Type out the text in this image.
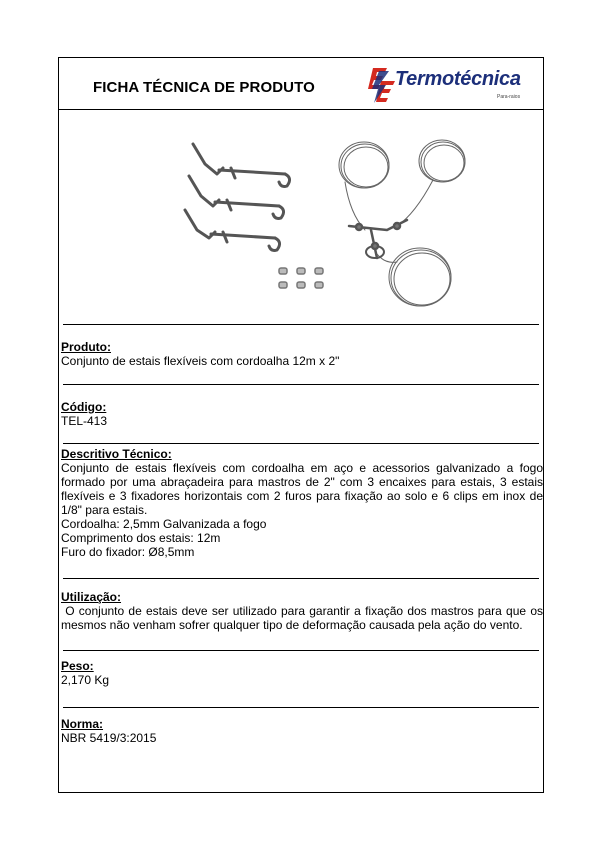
FICHA TÉCNICA DE PRODUTO	Termotécnica
Para-raios
Produto:
Conjunto de estais flexíveis com cordoalha 12m x 2"
Código:
TEL-413
Descritivo Técnico:
Conjunto de estais flexíveis com cordoalha em aço e acessorios galvanizado a fogo formado por uma abraçadeira para mastros de 2" com 3 encaixes para estais, 3 estais flexíveis e 3 fixadores horizontais com 2 furos para fixação ao solo e 6 clips em inox de 1/8" para estais.
Cordoalha: 2,5mm Galvanizada a fogo
Comprimento dos estais: 12m
Furo do fixador: Ø8,5mm
Utilização:
O conjunto de estais deve ser utilizado para garantir a fixação dos mastros para que os mesmos não venham sofrer qualquer tipo de deformação causada pela ação do vento.
Peso:
2,170 Kg
Norma:
NBR 5419/3:2015
